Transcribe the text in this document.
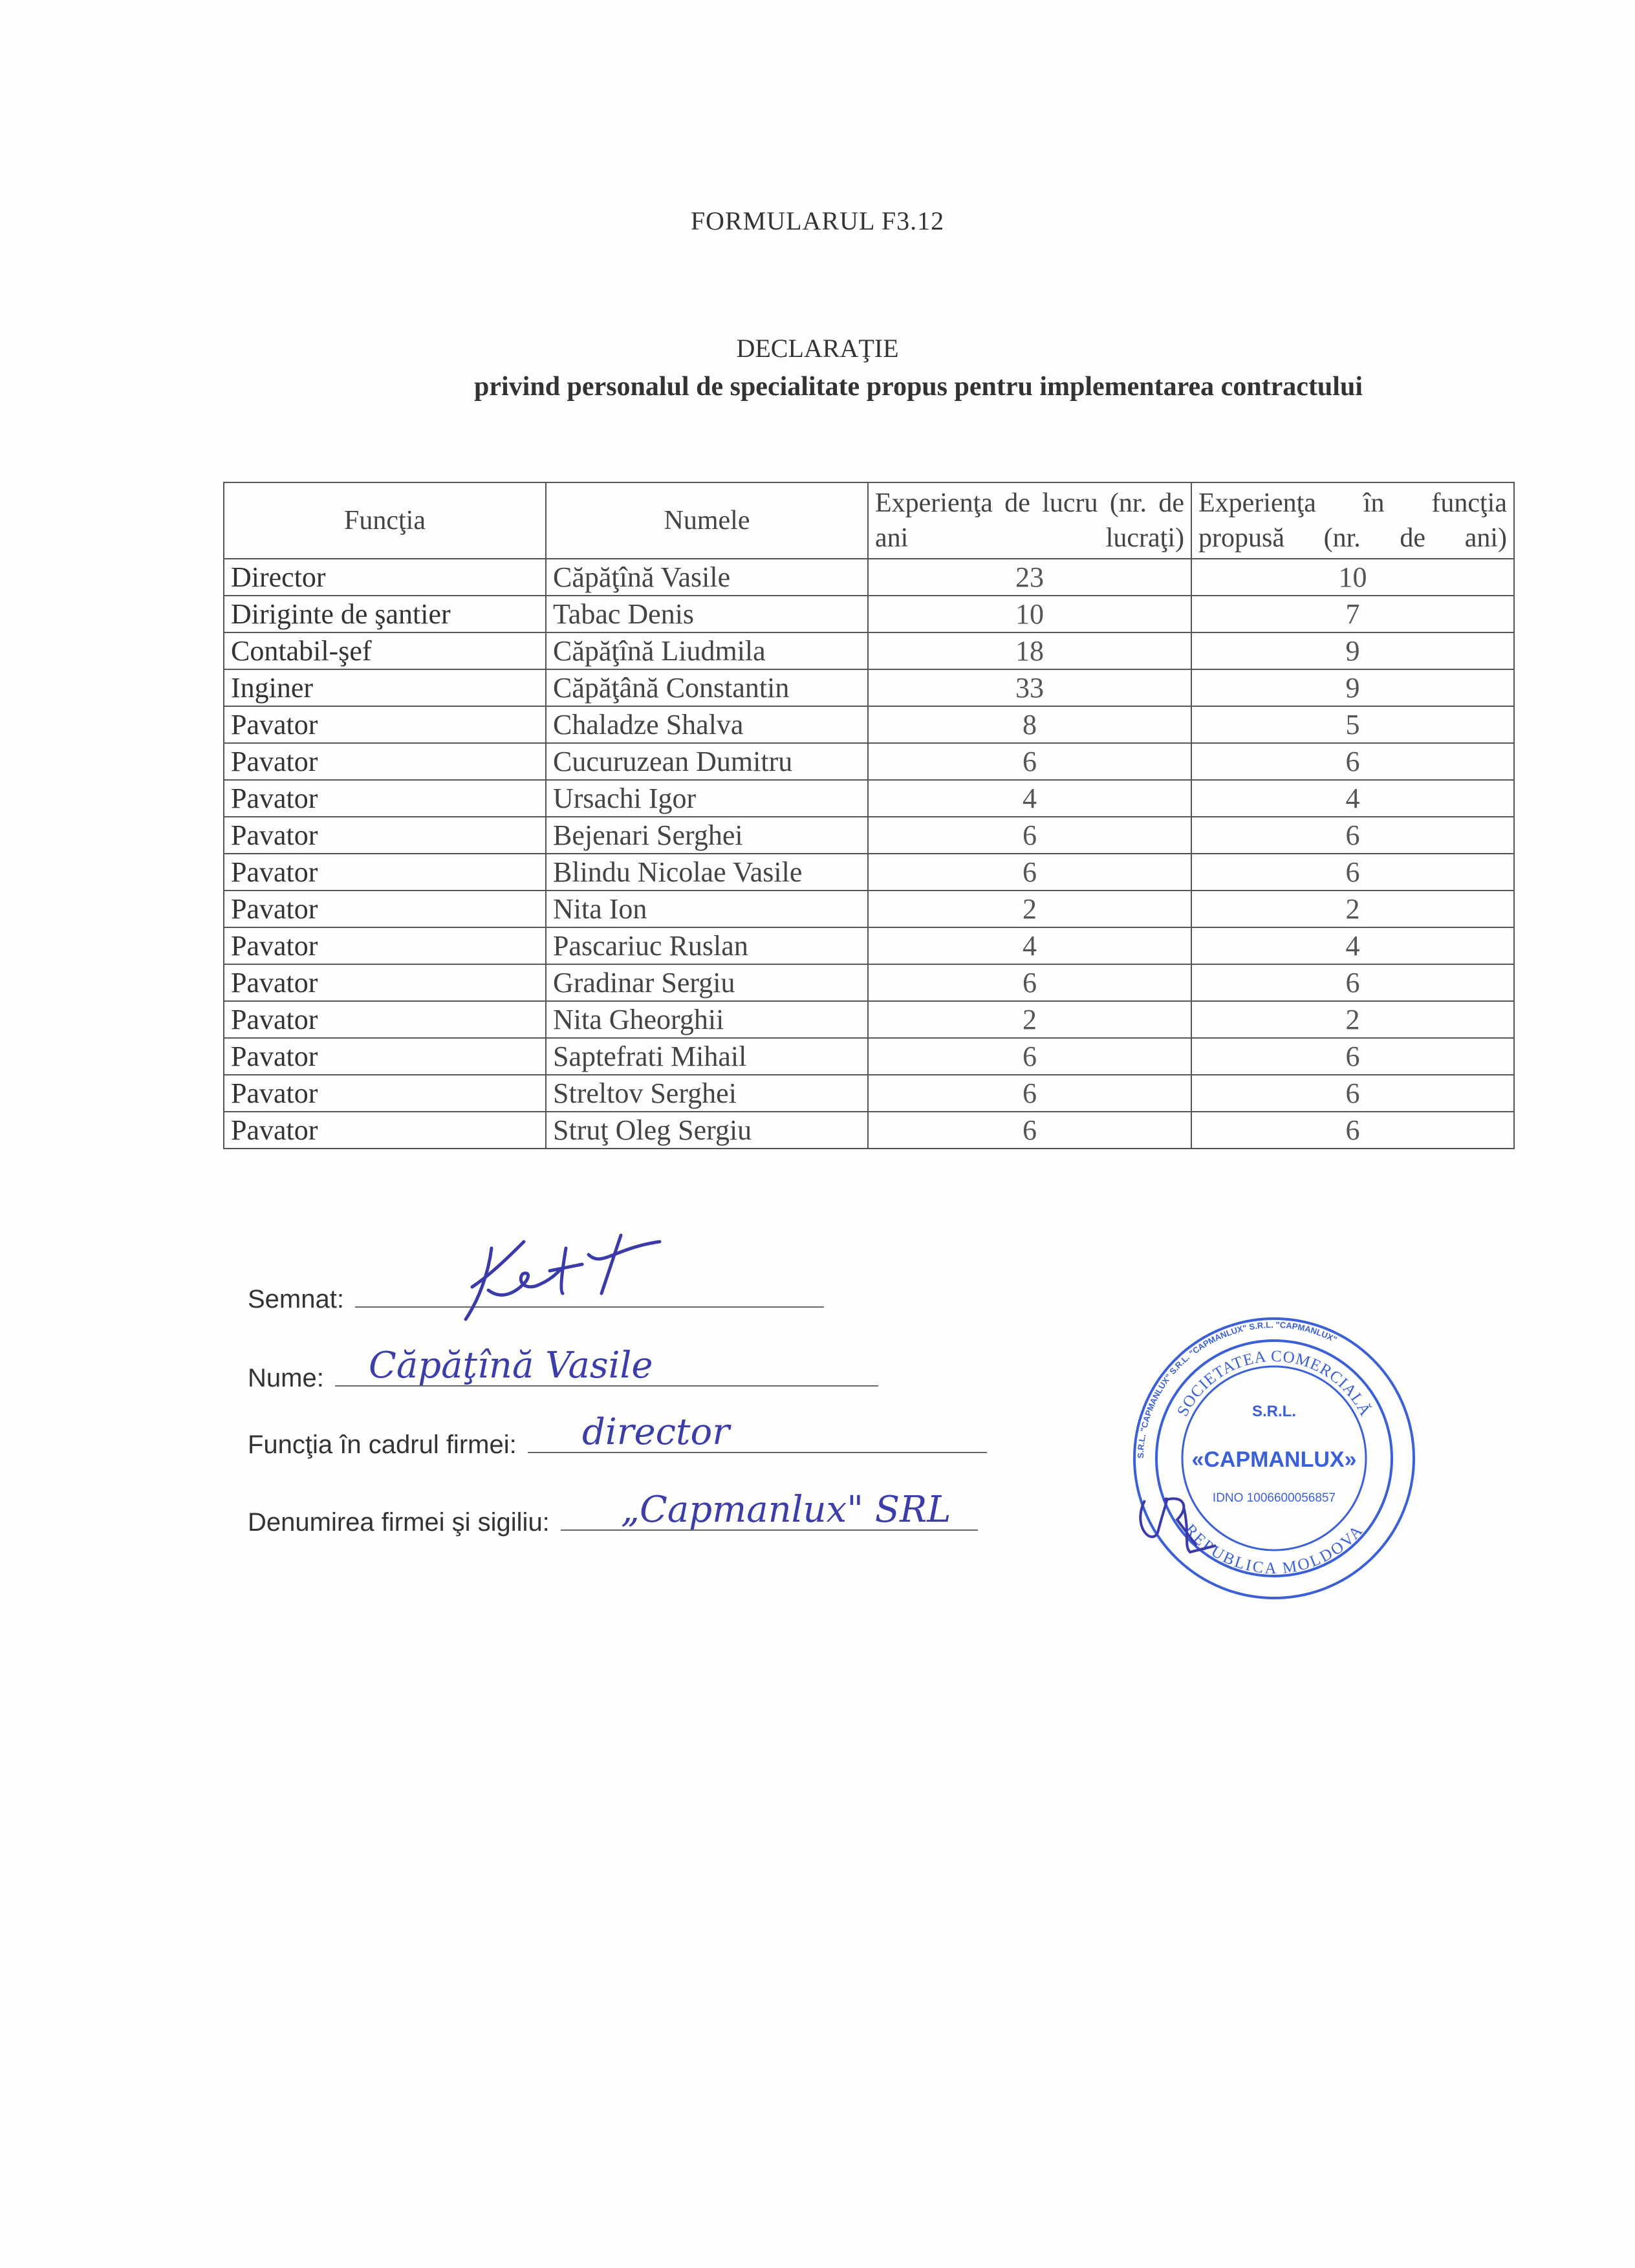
FORMULARUL F3.12
DECLARAŢIE
privind personalul de specialitate propus pentru implementarea contractului
Funcţia	Numele	Experienţa de lucru (nr. de ani lucraţi)	Experienţa în funcţia propusă (nr. de ani)
Director	Căpăţînă Vasile	23	10
Diriginte de şantier	Tabac Denis	10	7
Contabil-şef	Căpăţînă Liudmila	18	9
Inginer	Căpăţână Constantin	33	9
Pavator	Chaladze Shalva	8	5
Pavator	Cucuruzean Dumitru	6	6
Pavator	Ursachi Igor	4	4
Pavator	Bejenari Serghei	6	6
Pavator	Blindu Nicolae Vasile	6	6
Pavator	Nita Ion	2	2
Pavator	Pascariuc Ruslan	4	4
Pavator	Gradinar Sergiu	6	6
Pavator	Nita Gheorghii	2	2
Pavator	Saptefrati Mihail	6	6
Pavator	Streltov Serghei	6	6
Pavator	Struţ Oleg Sergiu	6	6
Semnat:
Nume:	Căpăţînă Vasile
Funcţia în cadrul firmei:	director
Denumirea firmei şi sigiliu:	„Capmanlux" SRL
S.R.L. "CAPMANLUX" S.R.L. "CAPMANLUX" S.R.L. "CAPMANLUX"
SOCIETATEA COMERCIALĂ
REPUBLICA MOLDOVA
S.R.L.
«CAPMANLUX»
IDNO 1006600056857
